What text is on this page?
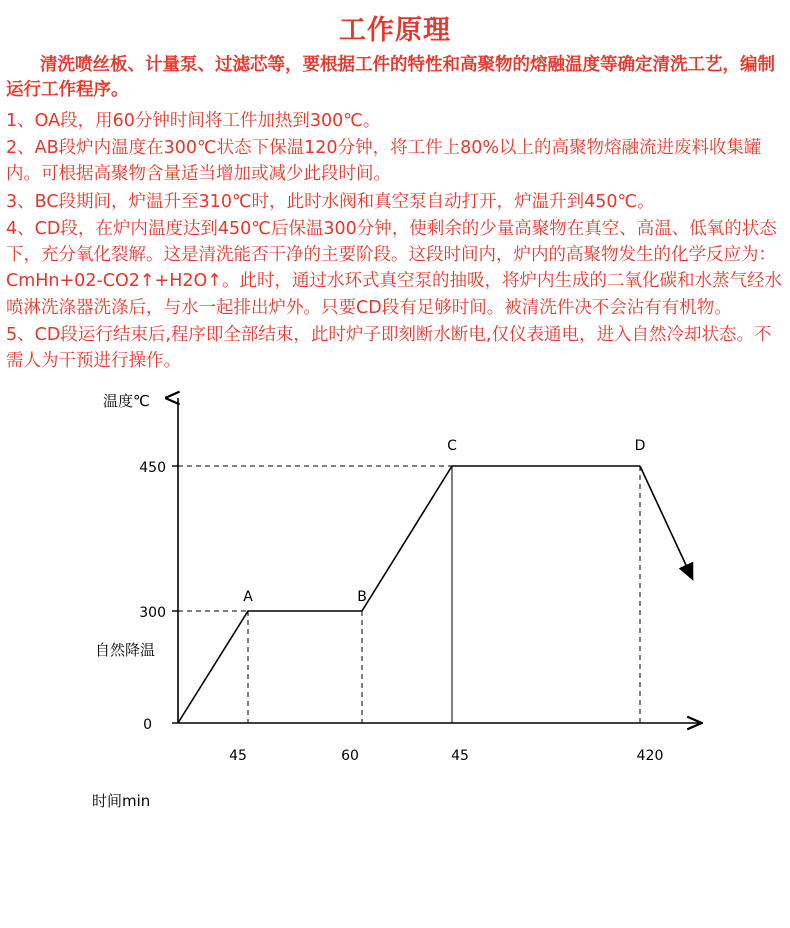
工作原理

清洗喷丝板、计量泵、过滤芯等，要根据工件的特性和高聚物的熔融温度等确定清洗工艺，编制运行工作程序。

1、OA段，用60分钟时间将工件加热到300℃。

2、AB段炉内温度在300℃状态下保温120分钟，将工件上80%以上的高聚物熔融流进废料收集罐内。可根据高聚物含量适当增加或减少此段时间。

3、BC段期间，炉温升至310℃时，此时水阀和真空泵自动打开，炉温升到450℃。

4、CD段，在炉内温度达到450℃后保温300分钟，使剩余的少量高聚物在真空、高温、低氧的状态下，充分氧化裂解。这是清洗能否干净的主要阶段。这段时间内，炉内的高聚物发生的化学反应为：CmHn+02-CO2↑+H2O↑。此时，通过水环式真空泵的抽吸，将炉内生成的二氧化碳和水蒸气经水喷淋洗涤器洗涤后，与水一起排出炉外。只要CD段有足够时间。被清洗件决不会沾有有机物。

5、CD段运行结束后,程序即全部结束，此时炉子即刻断水断电,仅仪表通电，进入自然冷却状态。不需人为干预进行操作。

温度℃
时间min
自然降温
0
300
450
45	60	45	420
A	B
C	D
